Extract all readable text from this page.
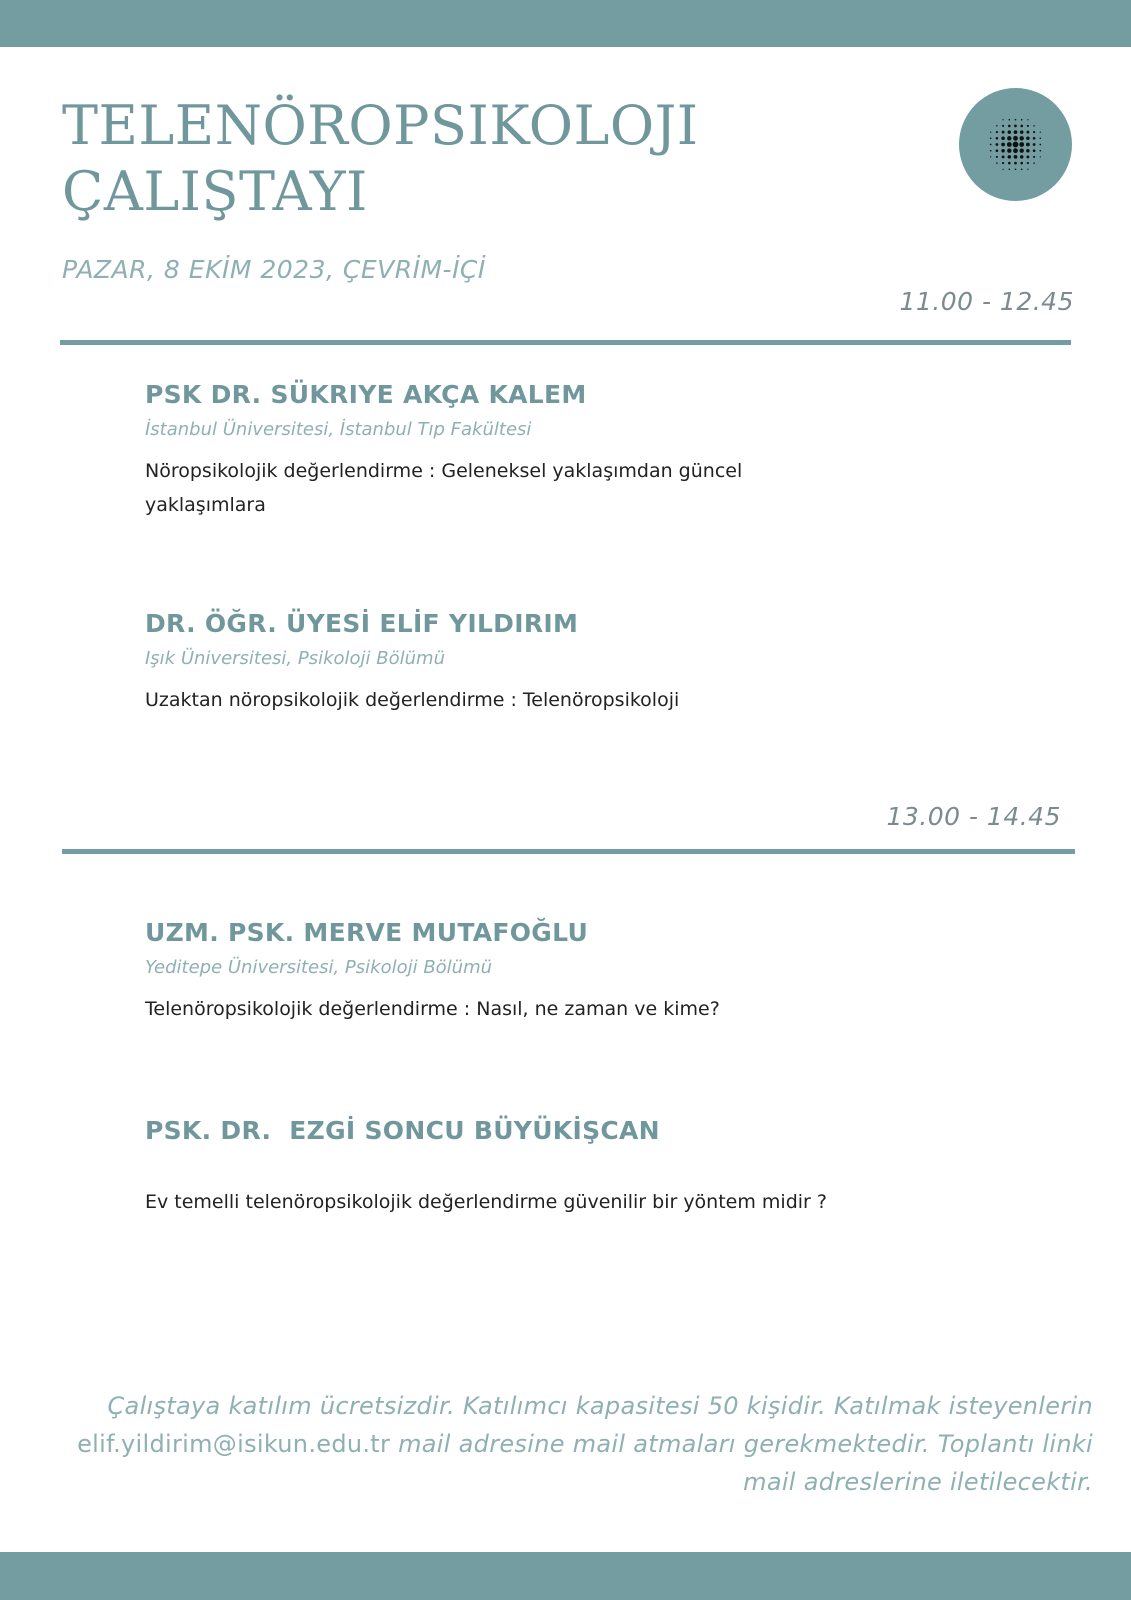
TELENÖROPSIKOLOJI
ÇALIŞTAYI

PAZAR, 8 EKİM 2023, ÇEVRİM-İÇİ

11.00 - 12.45

PSK DR. SÜKRIYE AKÇA KALEM

İstanbul Üniversitesi, İstanbul Tıp Fakültesi

Nöropsikolojik değerlendirme : Geleneksel yaklaşımdan güncel yaklaşımlara

DR. ÖĞR. ÜYESİ ELİF YILDIRIM

Işık Üniversitesi, Psikoloji Bölümü

Uzaktan nöropsikolojik değerlendirme : Telenöropsikoloji

13.00 - 14.45

UZM. PSK. MERVE MUTAFOĞLU

Yeditepe Üniversitesi, Psikoloji Bölümü

Telenöropsikolojik değerlendirme : Nasıl, ne zaman ve kime?

PSK. DR.  EZGİ SONCU BÜYÜKİŞCAN

Ev temelli telenöropsikolojik değerlendirme güvenilir bir yöntem midir ?

Çalıştaya katılım ücretsizdir. Katılımcı kapasitesi 50 kişidir. Katılmak isteyenlerin elif.yildirim@isikun.edu.tr mail adresine mail atmaları gerekmektedir. Toplantı linki mail adreslerine iletilecektir.
